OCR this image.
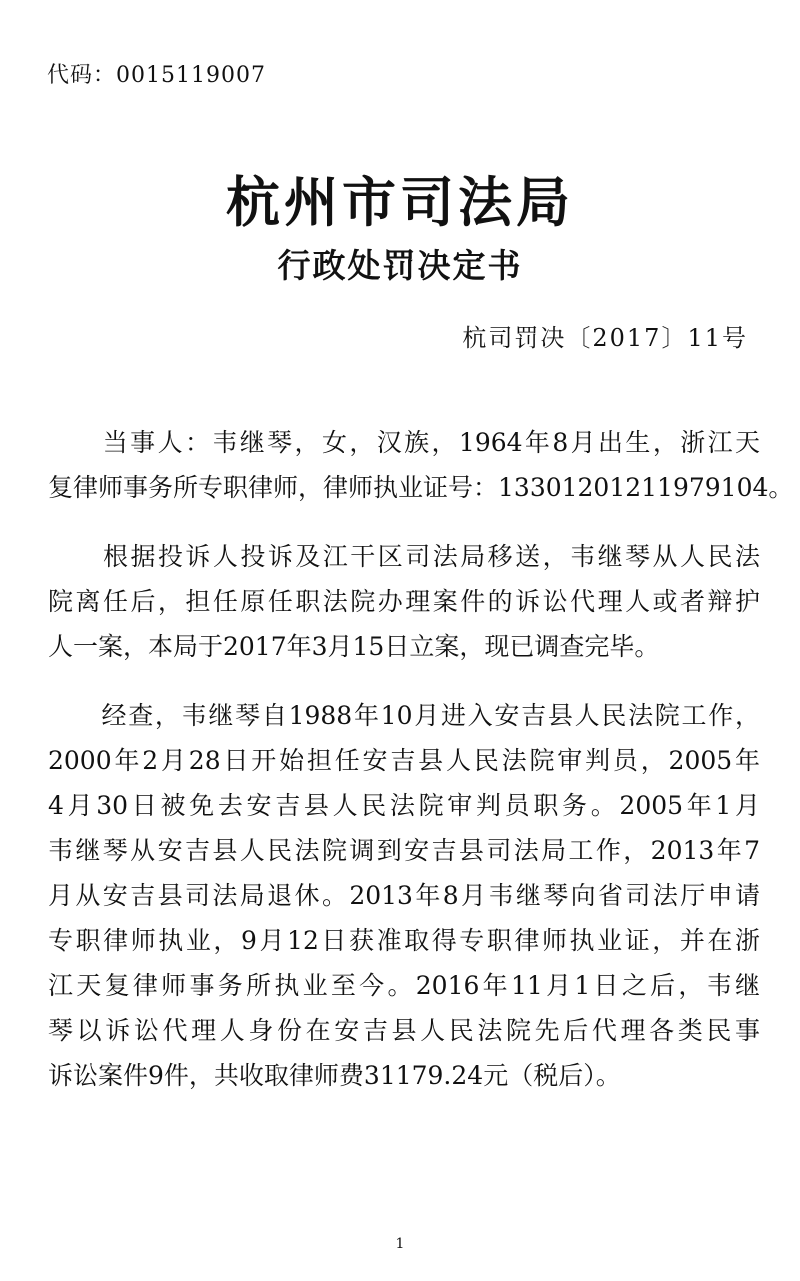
代码：0015119007
杭州市司法局
行政处罚决定书
杭司罚决〔2017〕11号
　　当事人：韦继琴，女，汉族，1964年8月出生，浙江天
复律师事务所专职律师，律师执业证号：13301201211979104。
　　根据投诉人投诉及江干区司法局移送，韦继琴从人民法
院离任后，担任原任职法院办理案件的诉讼代理人或者辩护
人一案，本局于2017年3月15日立案，现已调查完毕。
　　经查，韦继琴自1988年10月进入安吉县人民法院工作，
2000年2月28日开始担任安吉县人民法院审判员，2005年
4月30日被免去安吉县人民法院审判员职务。2005年1月
韦继琴从安吉县人民法院调到安吉县司法局工作，2013年7
月从安吉县司法局退休。2013年8月韦继琴向省司法厅申请
专职律师执业，9月12日获准取得专职律师执业证，并在浙
江天复律师事务所执业至今。2016年11月1日之后，韦继
琴以诉讼代理人身份在安吉县人民法院先后代理各类民事
诉讼案件9件，共收取律师费31179.24元（税后）。
1
